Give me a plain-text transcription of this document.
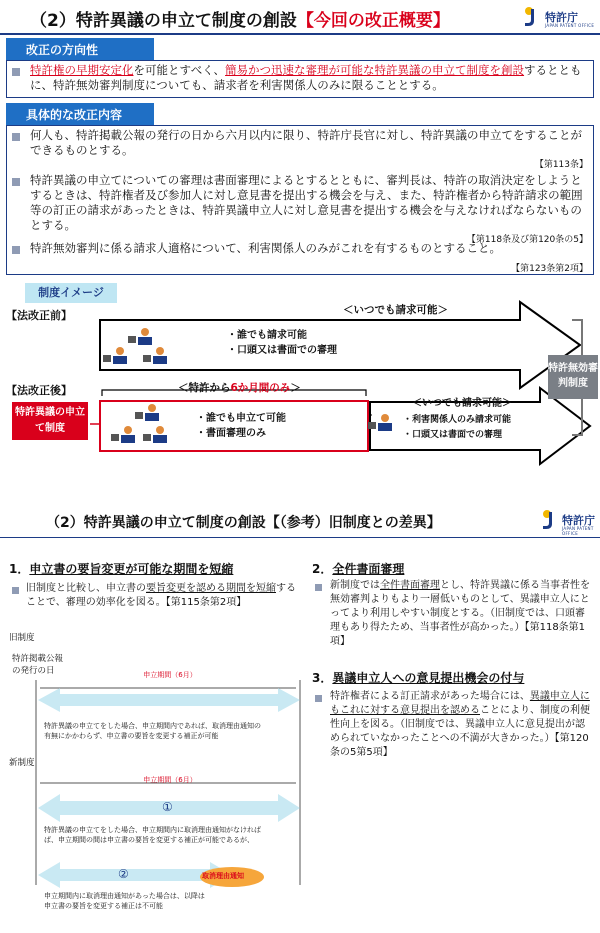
（2）特許異議の申立て制度の創設【今回の改正概要】	特許庁
JAPAN PATENT OFFICE
改正の方向性
特許権の早期安定化を可能とすべく、簡易かつ迅速な審理が可能な特許異議の申立て制度を創設するとともに、特許無効審判制度についても、請求者を利害関係人のみに限ることとする。
具体的な改正内容
何人も、特許掲載公報の発行の日から六月以内に限り、特許庁長官に対し、特許異議の申立てをすることができるものとする。
【第113条】
特許異議の申立てについての審理は書面審理によるとするとともに、審判長は、特許の取消決定をしようとするときは、特許権者及び参加人に対し意見書を提出する機会を与え、また、特許権者から特許請求の範囲等の訂正の請求があったときは、特許異議申立人に対し意見書を提出する機会を与えなければならないものとする。
【第118条及び第120条の5】
特許無効審判に係る請求人適格について、利害関係人のみがこれを有するものとすること。
【第123条第2項】
制度イメージ
【法改正前】
【法改正後】
＜いつでも請求可能＞
・誰でも請求可能
・口頭又は書面での審理
＜特許から6か月間のみ＞
＜いつでも請求可能＞
・誰でも申立て可能
・書面審理のみ
・利害関係人のみ請求可能
・口頭又は書面での審理
特許異議の申立て制度
特許無効審判制度
（2）特許異議の申立て制度の創設【（参考）旧制度との差異】	特許庁
JAPAN PATENT OFFICE
1．申立書の要旨変更が可能な期間を短縮
旧制度と比較し、申立書の要旨変更を認める期間を短縮することで、審理の効率化を図る。【第115条第2項】
旧制度
特許掲載公報
の発行の日	申立期間（6月）
特許異議の申立てをした場合、申立期間内であれば、取消理由通知の
有無にかかわらず、申立書の要旨を変更する補正が可能
新制度
申立期間（6月）
①
特許異議の申立てをした場合、申立期間内に取消理由通知がなければ
ば、申立期間の間は申立書の要旨を変更する補正が可能であるが、
②	取消理由通知
申立期間内に取消理由通知があった場合は、以降は
申立書の要旨を変更する補正は不可能
2．全件書面審理
新制度では全件書面審理とし、特許異議に係る当事者性を無効審判よりもより一層低いものとして、異議申立人にとってより利用しやすい制度とする。（旧制度では、口頭審理もあり得たため、当事者性が高かった。）【第118条第1項】
3．異議申立人への意見提出機会の付与
特許権者による訂正請求があった場合には、異議申立人にもこれに対する意見提出を認めることにより、制度の利便性向上を図る。（旧制度では、異議申立人に意見提出が認められていなかったことへの不満が大きかった。）【第120条の5第5項】
